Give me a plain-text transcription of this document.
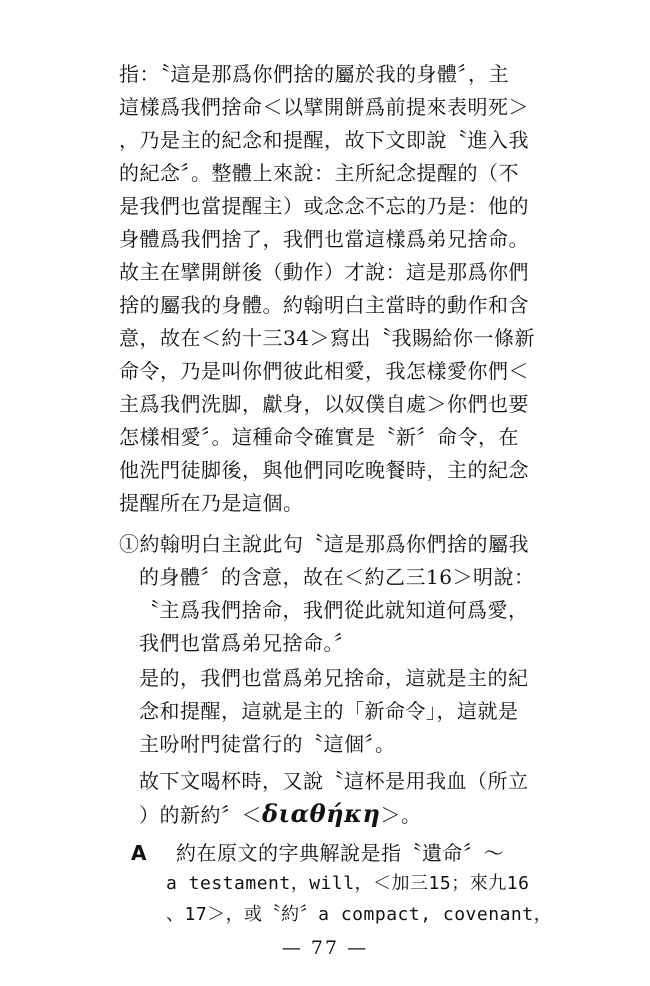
指：〝這是那爲你們捨的屬於我的身體〞，主
這樣爲我們捨命＜以擘開餅爲前提來表明死＞
，乃是主的紀念和提醒，故下文即說〝進入我
的紀念〞。整體上來說：主所紀念提醒的（不
是我們也當提醒主）或念念不忘的乃是：他的
身體爲我們捨了，我們也當這樣爲弟兄捨命。
故主在擘開餅後（動作）才說：這是那爲你們
捨的屬我的身體。約翰明白主當時的動作和含
意，故在＜約十三34＞寫出〝我賜給你一條新
命令，乃是叫你們彼此相愛，我怎樣愛你們＜
主爲我們洗脚，獻身，以奴僕自處＞你們也要
怎樣相愛〞。這種命令確實是〝新〞命令，在
他洗門徒脚後，與他們同吃晚餐時，主的紀念
提醒所在乃是這個。
①約翰明白主說此句〝這是那爲你們捨的屬我
的身體〞的含意，故在＜約乙三16＞明說：
〝主爲我們捨命，我們從此就知道何爲愛，
我們也當爲弟兄捨命。〞
是的，我們也當爲弟兄捨命，這就是主的紀
念和提醒，這就是主的「新命令」，這就是
主吩咐門徒當行的〝這個〞。
故下文喝杯時，又說〝這杯是用我血（所立
）的新約〞＜διαθήκη＞。
Α 約在原文的字典解說是指〝遺命〞～
a testament，will，＜加三15；來九16
、17＞，或〝約〞a compact, covenant，
— 77 —
